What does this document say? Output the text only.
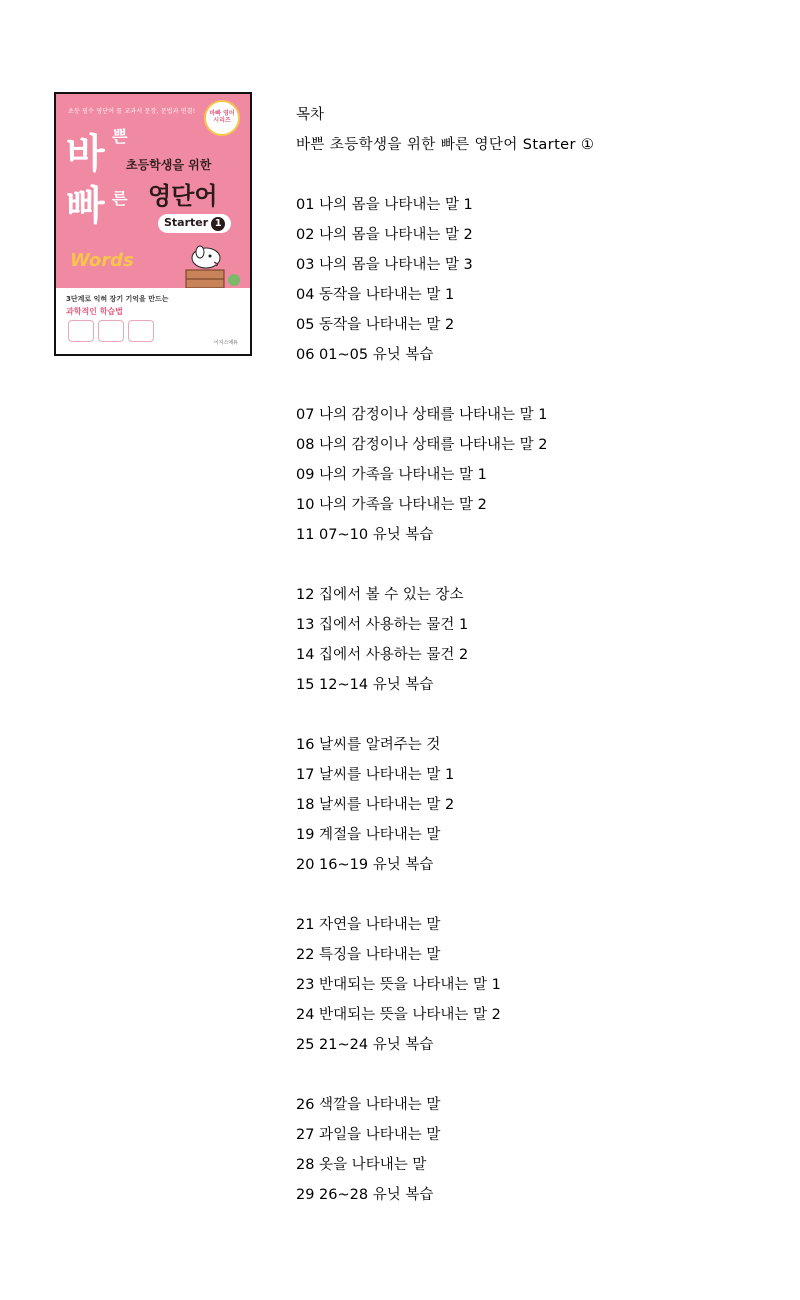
초등 필수 영단어 를 교과서 문장, 문법과 연결!	바빠 영어 시리즈
바 쁜
빠 른
초등학생을 위한
영단어
Starter 1
Words
3단계로 익혀 장기 기억을 만드는
과학적인 학습법
이지스에듀
목차
바쁜 초등학생을 위한 빠른 영단어 Starter ①
01 나의 몸을 나타내는 말 1
02 나의 몸을 나타내는 말 2
03 나의 몸을 나타내는 말 3
04 동작을 나타내는 말 1
05 동작을 나타내는 말 2
06 01~05 유닛 복습
07 나의 감정이나 상태를 나타내는 말 1
08 나의 감정이나 상태를 나타내는 말 2
09 나의 가족을 나타내는 말 1
10 나의 가족을 나타내는 말 2
11 07~10 유닛 복습
12 집에서 볼 수 있는 장소
13 집에서 사용하는 물건 1
14 집에서 사용하는 물건 2
15 12~14 유닛 복습
16 날씨를 알려주는 것
17 날씨를 나타내는 말 1
18 날씨를 나타내는 말 2
19 계절을 나타내는 말
20 16~19 유닛 복습
21 자연을 나타내는 말
22 특징을 나타내는 말
23 반대되는 뜻을 나타내는 말 1
24 반대되는 뜻을 나타내는 말 2
25 21~24 유닛 복습
26 색깔을 나타내는 말
27 과일을 나타내는 말
28 옷을 나타내는 말
29 26~28 유닛 복습
